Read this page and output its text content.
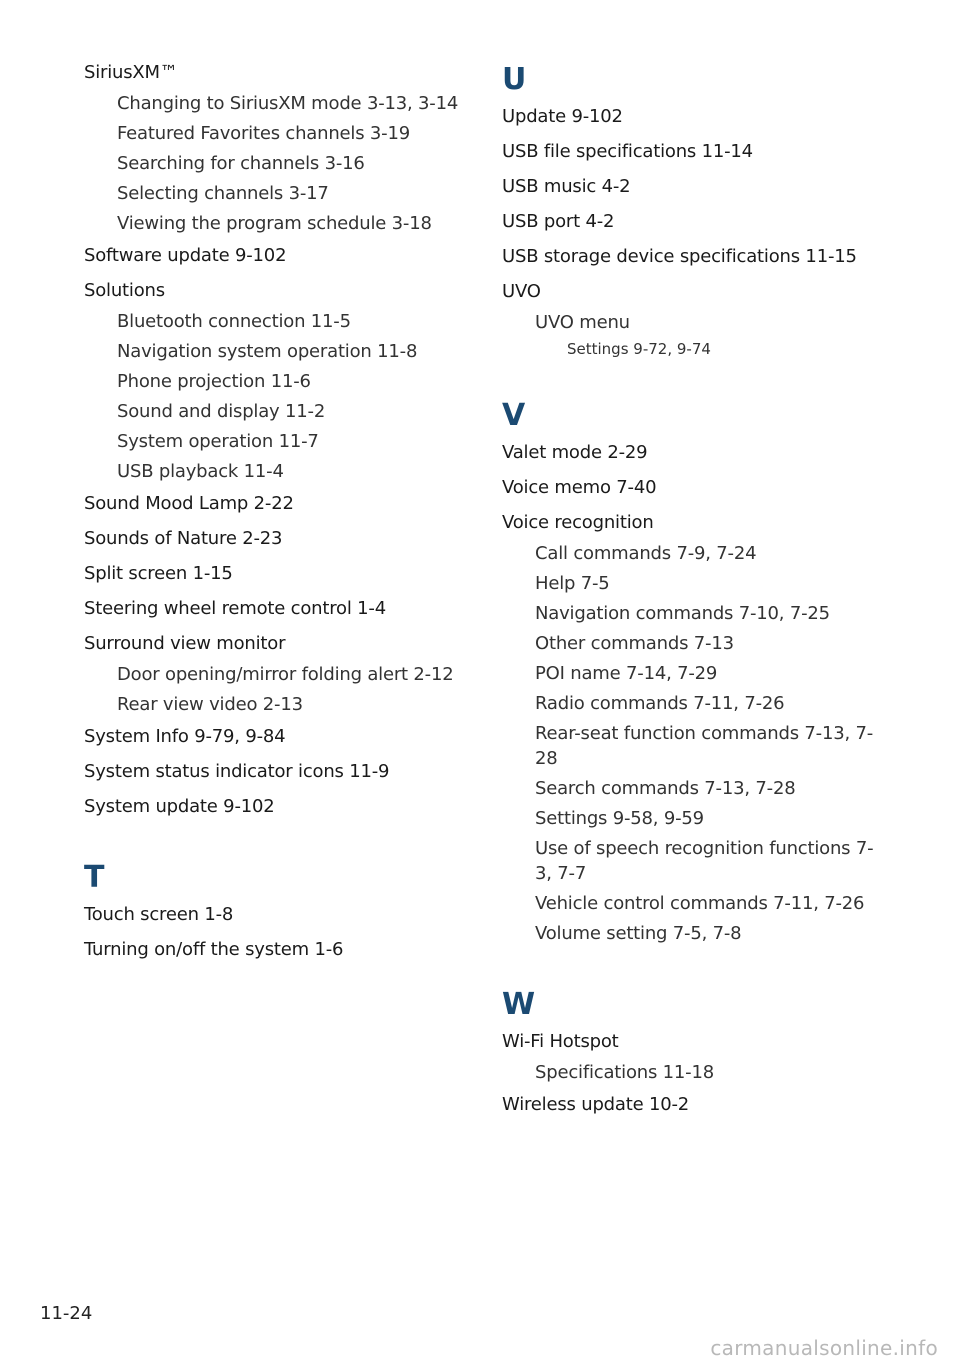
SiriusXM™
Changing to SiriusXM mode 3-13, 3-14
Featured Favorites channels 3-19
Searching for channels 3-16
Selecting channels 3-17
Viewing the program schedule 3-18
Software update 9-102
Solutions
Bluetooth connection 11-5
Navigation system operation 11-8
Phone projection 11-6
Sound and display 11-2
System operation 11-7
USB playback 11-4
Sound Mood Lamp 2-22
Sounds of Nature 2-23
Split screen 1-15
Steering wheel remote control 1-4
Surround view monitor
Door opening/mirror folding alert 2-12
Rear view video 2-13
System Info 9-79, 9-84
System status indicator icons 11-9
System update 9-102
T
Touch screen 1-8
Turning on/off the system 1-6
U
Update 9-102
USB file specifications 11-14
USB music 4-2
USB port 4-2
USB storage device specifications 11-15
UVO
UVO menu
Settings 9-72, 9-74
V
Valet mode 2-29
Voice memo 7-40
Voice recognition
Call commands 7-9, 7-24
Help 7-5
Navigation commands 7-10, 7-25
Other commands 7-13
POI name 7-14, 7-29
Radio commands 7-11, 7-26
Rear-seat function commands 7-13, 7-28
Search commands 7-13, 7-28
Settings 9-58, 9-59
Use of speech recognition functions 7-3, 7-7
Vehicle control commands 7-11, 7-26
Volume setting 7-5, 7-8
W
Wi-Fi Hotspot
Specifications 11-18
Wireless update 10-2
11-24
carmanualsonline.info
